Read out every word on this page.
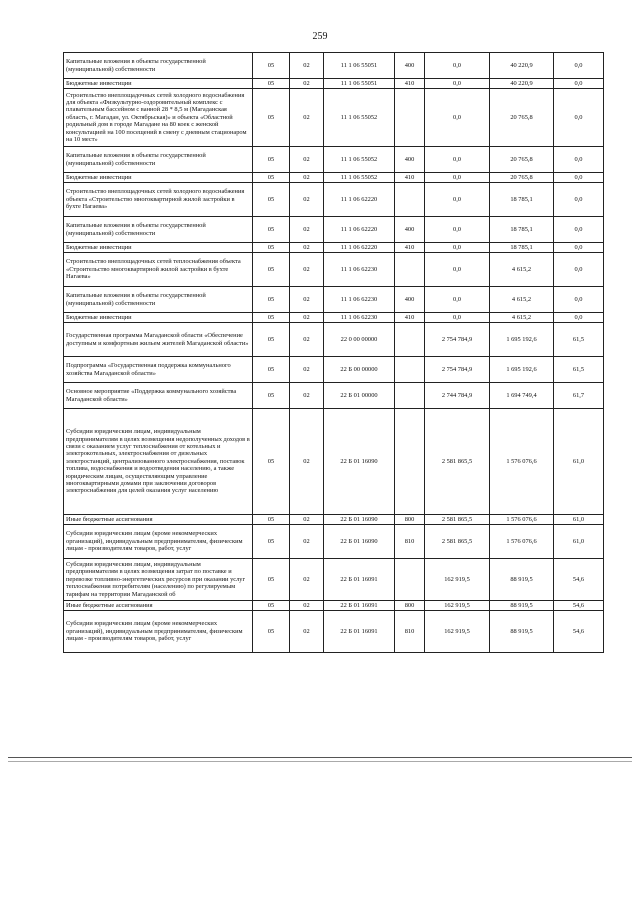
259
Капитальные вложения в объекты государственной (муниципальной) собственности	05	02	11 1 06 55051	400	0,0	40 220,9	0,0
Бюджетные инвестиции	05	02	11 1 06 55051	410	0,0	40 220,9	0,0
Строительство внеплощадочных сетей холодного водоснабжения для объекта «Физкультурно-оздоровительный комплекс с плавательным бассейном с ванной 28 * 8,5 м (Магаданская область, г. Магадан, ул. Октябрьская)» и объекта «Областной родильный дом в городе Магадане на 80 коек с женской консультацией на 100 посещений в смену с дневным стационаром на 10 мест»	05	02	11 1 06 55052		0,0	20 765,8	0,0
Капитальные вложения в объекты государственной (муниципальной) собственности	05	02	11 1 06 55052	400	0,0	20 765,8	0,0
Бюджетные инвестиции	05	02	11 1 06 55052	410	0,0	20 765,8	0,0
Строительство внеплощадочных сетей холодного водоснабжения объекта «Строительство многоквартирной жилой застройки в бухте Нагаева»	05	02	11 1 06 62220		0,0	18 785,1	0,0
Капитальные вложения в объекты государственной (муниципальной) собственности	05	02	11 1 06 62220	400	0,0	18 785,1	0,0
Бюджетные инвестиции	05	02	11 1 06 62220	410	0,0	18 785,1	0,0
Строительство внеплощадочных сетей теплоснабжения объекта «Строительство многоквартирной жилой застройки в бухте Нагаева»	05	02	11 1 06 62230		0,0	4 615,2	0,0
Капитальные вложения в объекты государственной (муниципальной) собственности	05	02	11 1 06 62230	400	0,0	4 615,2	0,0
Бюджетные инвестиции	05	02	11 1 06 62230	410	0,0	4 615,2	0,0
Государственная программа Магаданской области «Обеспечение доступным и комфортным жильем жителей Магаданской области»	05	02	22 0 00 00000		2 754 784,9	1 695 192,6	61,5
Подпрограмма «Государственная поддержка коммунального хозяйства Магаданской области»	05	02	22 Б 00 00000		2 754 784,9	1 695 192,6	61,5
Основное мероприятие «Поддержка коммунального хозяйства Магаданской области»	05	02	22 Б 01 00000		2 744 784,9	1 694 749,4	61,7
Субсидии юридическим лицам, индивидуальным предпринимателям в целях возмещения недополученных доходов в связи с оказанием услуг теплоснабжения от котельных и электрокотельных, электроснабжения от дизельных электростанций, централизованного электроснабжения, поставок топлива, водоснабжения и водоотведения населению, а также юридическим лицам, осуществляющим управление многоквартирными домами при заключении договоров электроснабжения для целей оказания услуг населению	05	02	22 Б 01 16090		2 581 865,5	1 576 076,6	61,0
Иные бюджетные ассигнования	05	02	22 Б 01 16090	800	2 581 865,5	1 576 076,6	61,0
Субсидии юридическим лицам (кроме некоммерческих организаций), индивидуальным предпринимателям, физическим лицам - производителям товаров, работ, услуг	05	02	22 Б 01 16090	810	2 581 865,5	1 576 076,6	61,0
Субсидии юридическим лицам, индивидуальным предпринимателям в целях возмещения затрат по поставке и перевозке топливно-энергетических ресурсов при оказании услуг теплоснабжения потребителям (населению) по регулируемым тарифам на территории Магаданской об	05	02	22 Б 01 16091		162 919,5	88 919,5	54,6
Иные бюджетные ассигнования	05	02	22 Б 01 16091	800	162 919,5	88 919,5	54,6
Субсидии юридическим лицам (кроме некоммерческих организаций), индивидуальным предпринимателям, физическим лицам - производителям товаров, работ, услуг	05	02	22 Б 01 16091	810	162 919,5	88 919,5	54,6
